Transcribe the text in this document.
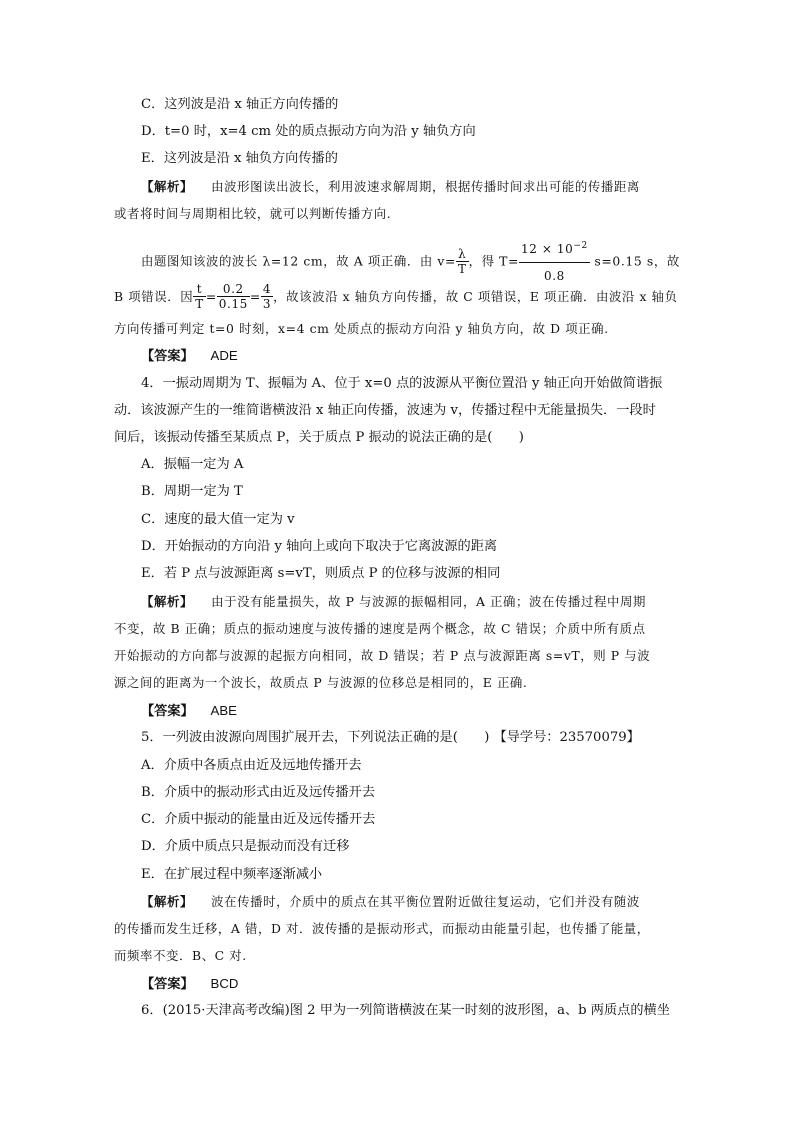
C．这列波是沿 x 轴正方向传播的
D．t=0 时，x=4 cm 处的质点振动方向为沿 y 轴负方向
E．这列波是沿 x 轴负方向传播的
【解析】 由波形图读出波长，利用波速求解周期，根据传播时间求出可能的传播距离
或者将时间与周期相比较，就可以判断传播方向.
由题图知该波的波长 λ=12 cm，故 A 项正确．由 $v= \frac{\lambda}{T}$ ，得 $T= \frac{12 \times 10^{-2}}{0.8} s=0.15$ s，故
B 项错误．因 $\frac{t}{T} = \frac{0.2}{0.15} = \frac{4}{3}$ ，故该波沿 x 轴负方向传播，故 C 项错误，E 项正确．由波沿 x 轴负
方向传播可判定 t=0 时刻，x=4 cm 处质点的振动方向沿 y 轴负方向，故 D 项正确.
【答案】 ADE
4．一振动周期为 T、振幅为 A、位于 x=0 点的波源从平衡位置沿 y 轴正向开始做简谐振
动．该波源产生的一维简谐横波沿 x 轴正向传播，波速为 v，传播过程中无能量损失．一段时
间后，该振动传播至某质点 P，关于质点 P 振动的说法正确的是(　　)
A．振幅一定为 A
B．周期一定为 T
C．速度的最大值一定为 v
D．开始振动的方向沿 y 轴向上或向下取决于它离波源的距离
E．若 P 点与波源距离 s=vT，则质点 P 的位移与波源的相同
【解析】 由于没有能量损失，故 P 与波源的振幅相同，A 正确；波在传播过程中周期
不变，故 B 正确；质点的振动速度与波传播的速度是两个概念，故 C 错误；介质中所有质点
开始振动的方向都与波源的起振方向相同，故 D 错误；若 P 点与波源距离 s=vT，则 P 与波
源之间的距离为一个波长，故质点 P 与波源的位移总是相同的，E 正确.
【答案】 ABE
5．一列波由波源向周围扩展开去，下列说法正确的是(　　) 【导学号：23570079】
A．介质中各质点由近及远地传播开去
B．介质中的振动形式由近及远传播开去
C．介质中振动的能量由近及远传播开去
D．介质中质点只是振动而没有迁移
E．在扩展过程中频率逐渐减小
【解析】 波在传播时，介质中的质点在其平衡位置附近做往复运动，它们并没有随波
的传播而发生迁移，A 错，D 对．波传播的是振动形式，而振动由能量引起，也传播了能量，
而频率不变．B、C 对.
【答案】 BCD
6．(2015·天津高考改编)图 2 甲为一列简谐横波在某一时刻的波形图，a、b 两质点的横坐
